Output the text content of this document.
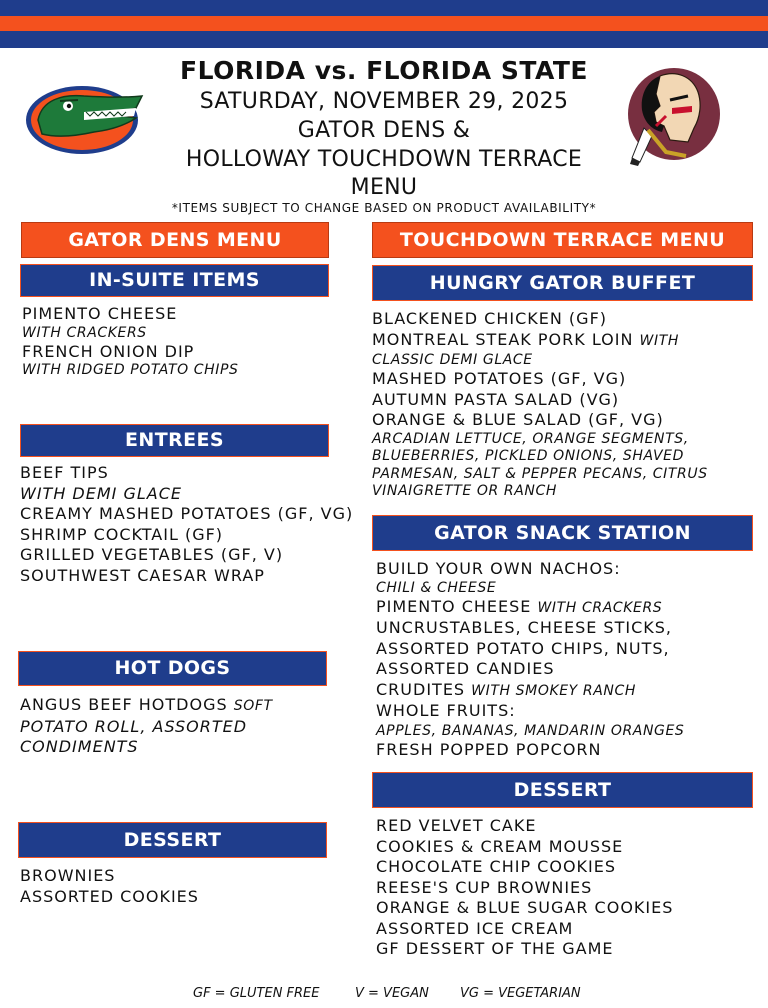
FLORIDA vs. FLORIDA STATE
SATURDAY, NOVEMBER 29, 2025
GATOR DENS &
HOLLOWAY TOUCHDOWN TERRACE
MENU
*ITEMS SUBJECT TO CHANGE BASED ON PRODUCT AVAILABILITY*
GATOR DENS MENU
IN-SUITE ITEMS
PIMENTO CHEESE
WITH CRACKERS
FRENCH ONION DIP
WITH RIDGED POTATO CHIPS
ENTREES
BEEF TIPS
WITH DEMI GLACE
CREAMY MASHED POTATOES (GF, VG)
SHRIMP COCKTAIL (GF)
GRILLED VEGETABLES (GF, V)
SOUTHWEST CAESAR WRAP
HOT DOGS
ANGUS BEEF HOTDOGS SOFT
POTATO ROLL, ASSORTED
CONDIMENTS
DESSERT
BROWNIES
ASSORTED COOKIES
TOUCHDOWN TERRACE MENU
HUNGRY GATOR BUFFET
BLACKENED CHICKEN (GF)
MONTREAL STEAK PORK LOIN WITH
CLASSIC DEMI GLACE
MASHED POTATOES (GF, VG)
AUTUMN PASTA SALAD (VG)
ORANGE & BLUE SALAD (GF, VG)
ARCADIAN LETTUCE, ORANGE SEGMENTS,
BLUEBERRIES, PICKLED ONIONS, SHAVED
PARMESAN, SALT & PEPPER PECANS, CITRUS
VINAIGRETTE OR RANCH
GATOR SNACK STATION
BUILD YOUR OWN NACHOS:
CHILI & CHEESE
PIMENTO CHEESE WITH CRACKERS
UNCRUSTABLES, CHEESE STICKS,
ASSORTED POTATO CHIPS, NUTS,
ASSORTED CANDIES
CRUDITES WITH SMOKEY RANCH
WHOLE FRUITS:
APPLES, BANANAS, MANDARIN ORANGES
FRESH POPPED POPCORN
DESSERT
RED VELVET CAKE
COOKIES & CREAM MOUSSE
CHOCOLATE CHIP COOKIES
REESE'S CUP BROWNIES
ORANGE & BLUE SUGAR COOKIES
ASSORTED ICE CREAM
GF DESSERT OF THE GAME
GF = GLUTEN FREE	V = VEGAN VG = VEGETARIAN
